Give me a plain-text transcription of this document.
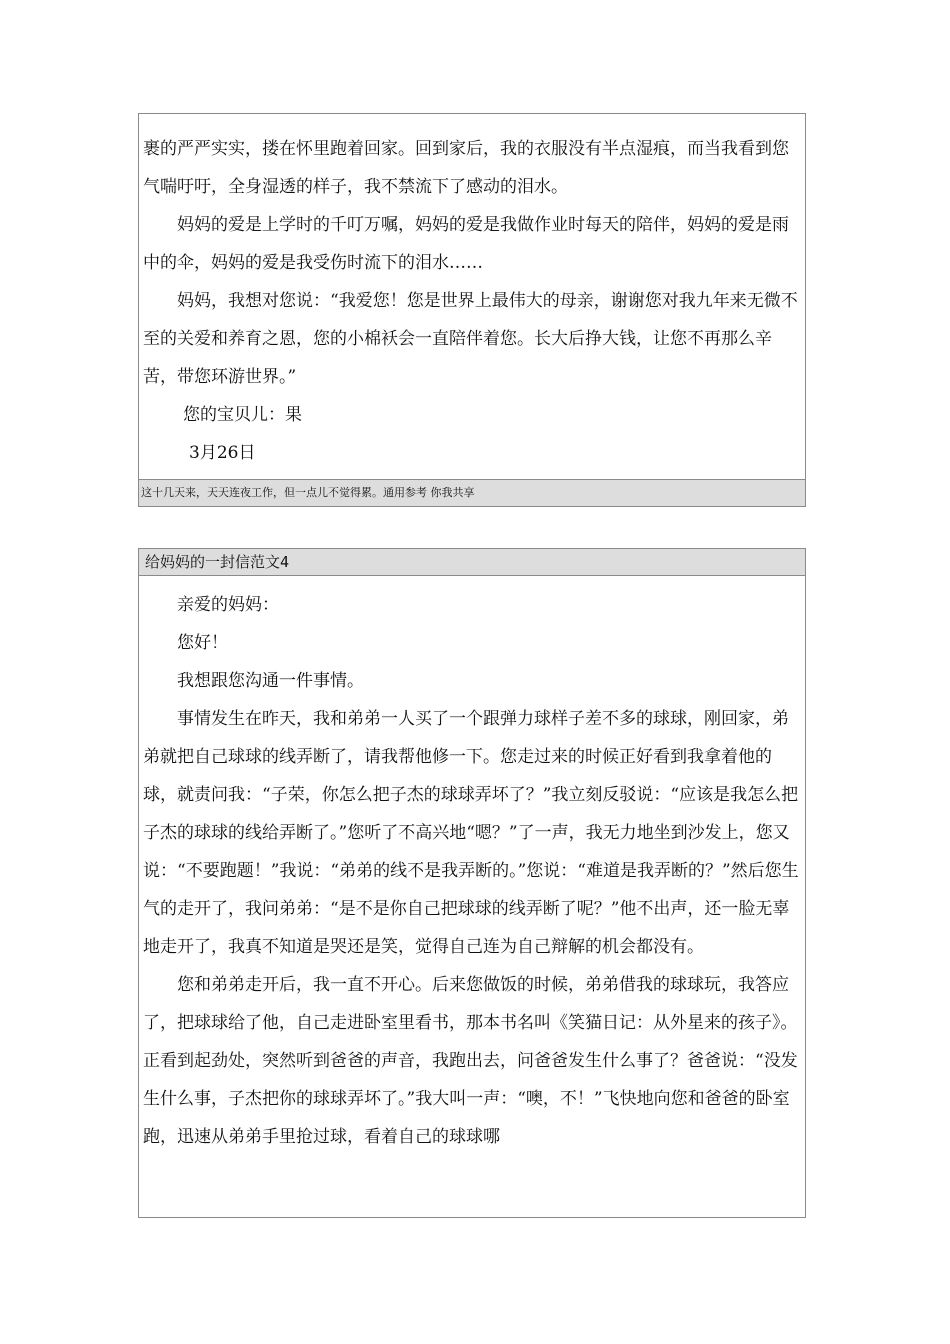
裹的严严实实，搂在怀里跑着回家。回到家后，我的衣服没有半点湿痕，而当我看到您气喘吁吁，全身湿透的样子，我不禁流下了感动的泪水。

妈妈的爱是上学时的千叮万嘱，妈妈的爱是我做作业时每天的陪伴，妈妈的爱是雨中的伞，妈妈的爱是我受伤时流下的泪水……

妈妈，我想对您说：“我爱您！您是世界上最伟大的母亲，谢谢您对我九年来无微不至的关爱和养育之恩，您的小棉袄会一直陪伴着您。长大后挣大钱，让您不再那么辛苦，带您环游世界。”

您的宝贝儿：果

3月26日

这十几天来，天天连夜工作，但一点儿不觉得累。通用参考 你我共享
给妈妈的一封信范文4

亲爱的妈妈：

您好！

我想跟您沟通一件事情。

事情发生在昨天，我和弟弟一人买了一个跟弹力球样子差不多的球球，刚回家，弟弟就把自己球球的线弄断了，请我帮他修一下。您走过来的时候正好看到我拿着他的球，就责问我：“子荣，你怎么把子杰的球球弄坏了？”我立刻反驳说：“应该是我怎么把子杰的球球的线给弄断了。”您听了不高兴地“嗯？”了一声，我无力地坐到沙发上，您又说：“不要跑题！”我说：“弟弟的线不是我弄断的。”您说：“难道是我弄断的？”然后您生气的走开了，我问弟弟：“是不是你自己把球球的线弄断了呢？”他不出声，还一脸无辜地走开了，我真不知道是哭还是笑，觉得自己连为自己辩解的机会都没有。

您和弟弟走开后，我一直不开心。后来您做饭的时候，弟弟借我的球球玩，我答应了，把球球给了他，自己走进卧室里看书，那本书名叫《笑猫日记：从外星来的孩子》。正看到起劲处，突然听到爸爸的声音，我跑出去，问爸爸发生什么事了？爸爸说：“没发生什么事，子杰把你的球球弄坏了。”我大叫一声：“噢，不！”飞快地向您和爸爸的卧室跑，迅速从弟弟手里抢过球，看着自己的球球哪
